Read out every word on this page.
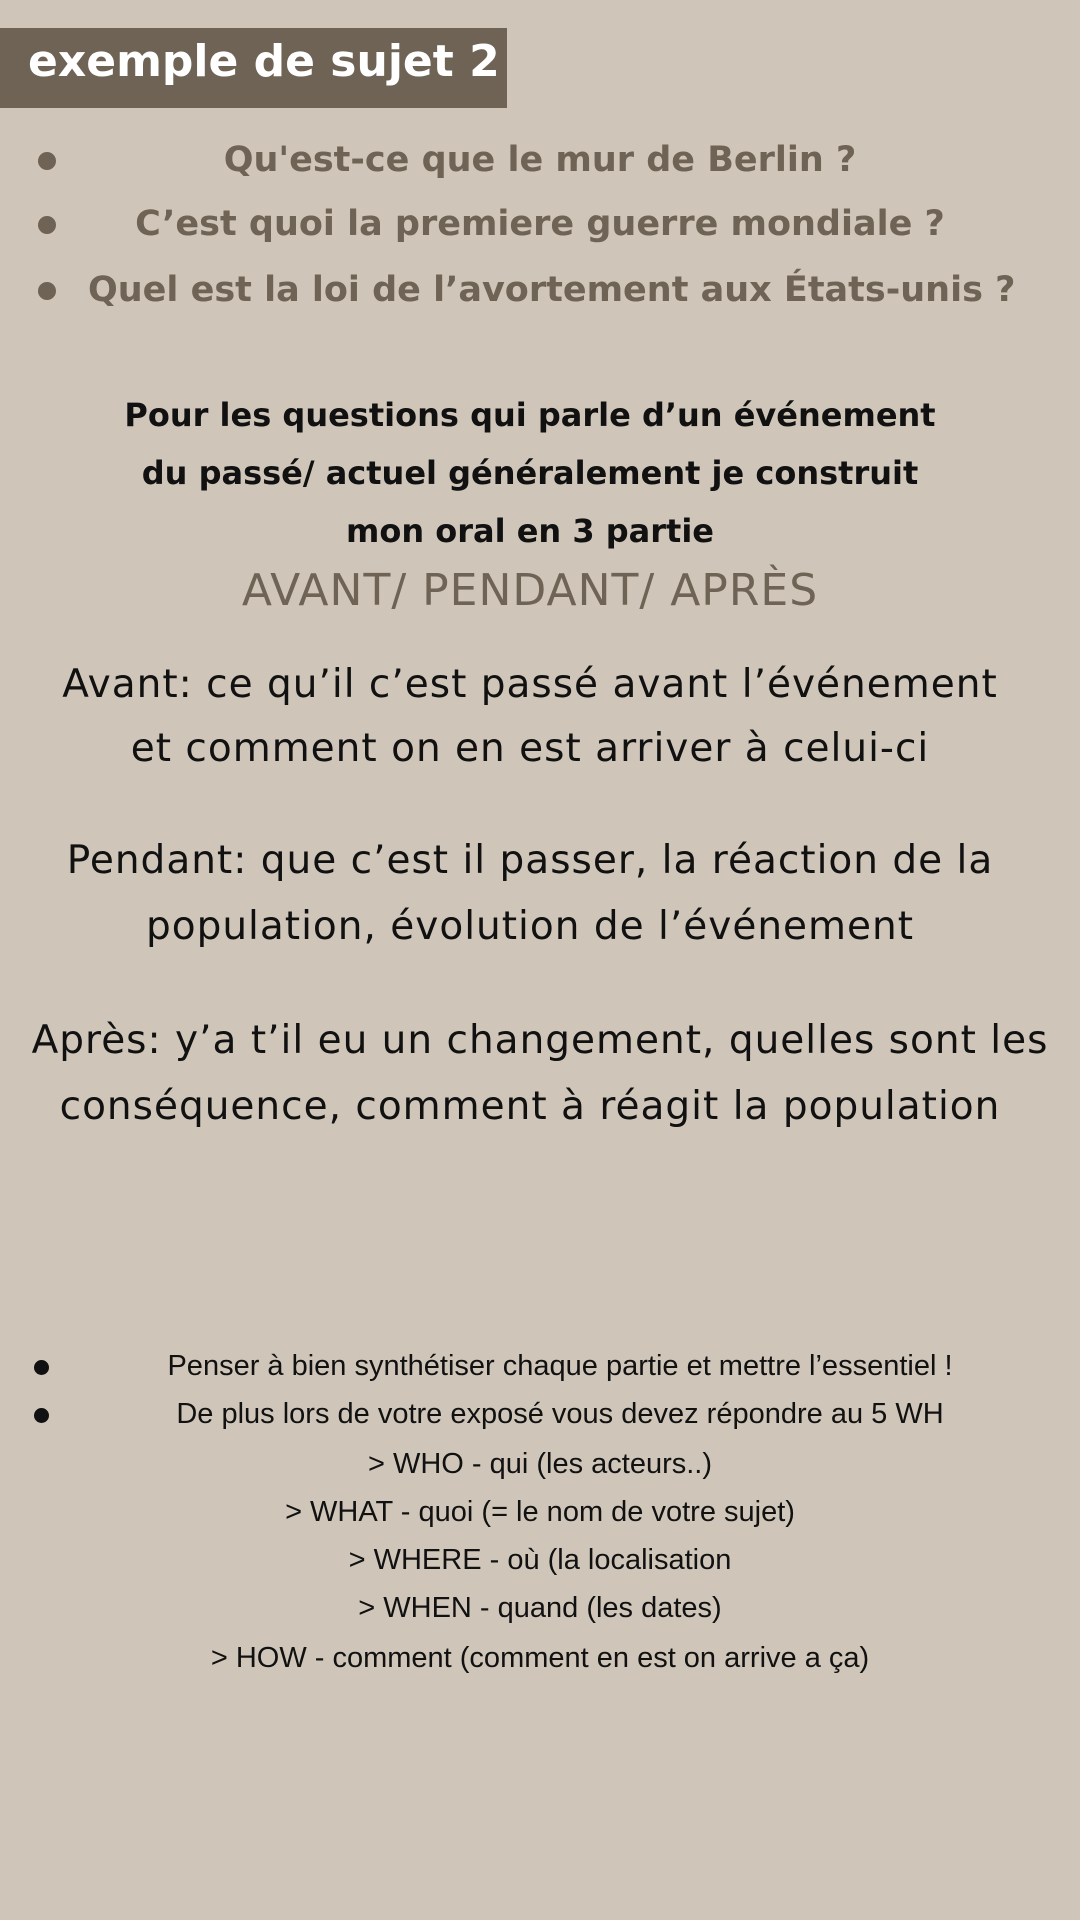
exemple de sujet 2
Qu'est-ce que le mur de Berlin ?
C’est quoi la premiere guerre mondiale ?
Quel est la loi de l’avortement aux États-unis ?
Pour les questions qui parle d’un événement
du passé/ actuel généralement je construit
mon oral en 3 partie
AVANT/ PENDANT/ APRÈS
Avant: ce qu’il c’est passé avant l’événement
et comment on en est arriver à celui-ci
Pendant: que c’est il passer, la réaction de la
population, évolution de l’événement
Après: y’a t’il eu un changement, quelles sont les
conséquence, comment à réagit la population
Penser à bien synthétiser chaque partie et mettre l’essentiel !
De plus lors de votre exposé vous devez répondre au 5 WH
> WHO - qui (les acteurs..)
> WHAT - quoi (= le nom de votre sujet)
> WHERE - où (la localisation
> WHEN - quand (les dates)
> HOW - comment (comment en est on arrive a ça)
